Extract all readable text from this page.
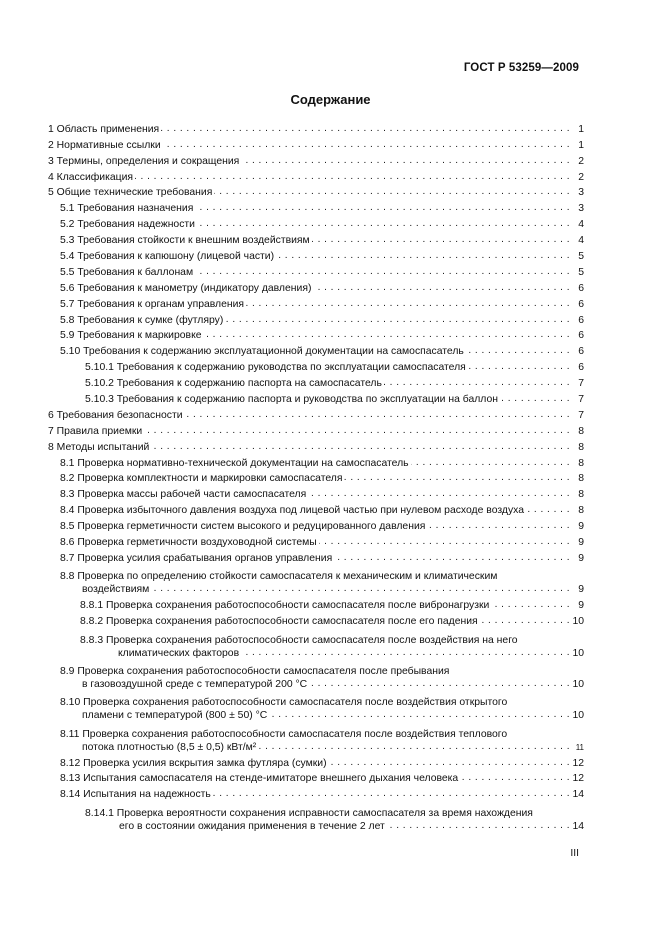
ГОСТ Р 53259—2009
Содержание
1 Область применения . . .	1
2 Нормативные ссылки . . .	1
3 Термины, определения и сокращения . . .	2
4 Классификация . . .	2
5 Общие технические требования . . .	3
5.1 Требования назначения . . .	3
5.2 Требования надежности . . .	4
5.3 Требования стойкости к внешним воздействиям . . .	4
5.4 Требования к капюшону (лицевой части) . . .	5
5.5 Требования к баллонам . . .	5
5.6 Требования к манометру (индикатору давления) . . .	6
5.7 Требования к органам управления . . .	6
5.8 Требования к сумке (футляру) . . .	6
5.9 Требования к маркировке . . .	6
5.10 Требования к содержанию эксплуатационной документации на самоспасатель . . .	6
5.10.1 Требования к содержанию руководства по эксплуатации самоспасателя . . .	6
5.10.2 Требования к содержанию паспорта на самоспасатель . . .	7
5.10.3 Требования к содержанию паспорта и руководства по эксплуатации на баллон . . .	7
6 Требования безопасности . . .	7
7 Правила приемки . . .	8
8 Методы испытаний . . .	8
8.1 Проверка нормативно-технической документации на самоспасатель . . .	8
8.2 Проверка комплектности и маркировки самоспасателя . . .	8
8.3 Проверка массы рабочей части самоспасателя . . .	8
8.4 Проверка избыточного давления воздуха под лицевой частью при нулевом расходе воздуха . . .	8
8.5 Проверка герметичности систем высокого и редуцированного давления . . .	9
8.6 Проверка герметичности воздуховодной системы . . .	9
8.7 Проверка усилия срабатывания органов управления . . .	9
8.8 Проверка по определению стойкости самоспасателя к механическим и климатическим
воздействиям . . .	9
8.8.1 Проверка сохранения работоспособности самоспасателя после вибронагрузки . . .	9
8.8.2 Проверка сохранения работоспособности самоспасателя после его падения . . .	10
8.8.3 Проверка сохранения работоспособности самоспасателя после воздействия на него
климатических факторов . . .	10
8.9 Проверка сохранения работоспособности самоспасателя после пребывания
в газовоздушной среде с температурой 200 °С . . .	10
8.10 Проверка сохранения работоспособности самоспасателя после воздействия открытого
пламени с температурой (800 ± 50) °С . . .	10
8.11 Проверка сохранения работоспособности самоспасателя после воздействия теплового
потока плотностью (8,5 ± 0,5) кВт/м² . . .	11
8.12 Проверка усилия вскрытия замка футляра (сумки) . . .	12
8.13 Испытания самоспасателя на стенде-имитаторе внешнего дыхания человека . . .	12
8.14 Испытания на надежность . . .	14
8.14.1 Проверка вероятности сохранения исправности самоспасателя за время нахождения
его в состоянии ожидания применения в течение 2 лет . . .	14
III
